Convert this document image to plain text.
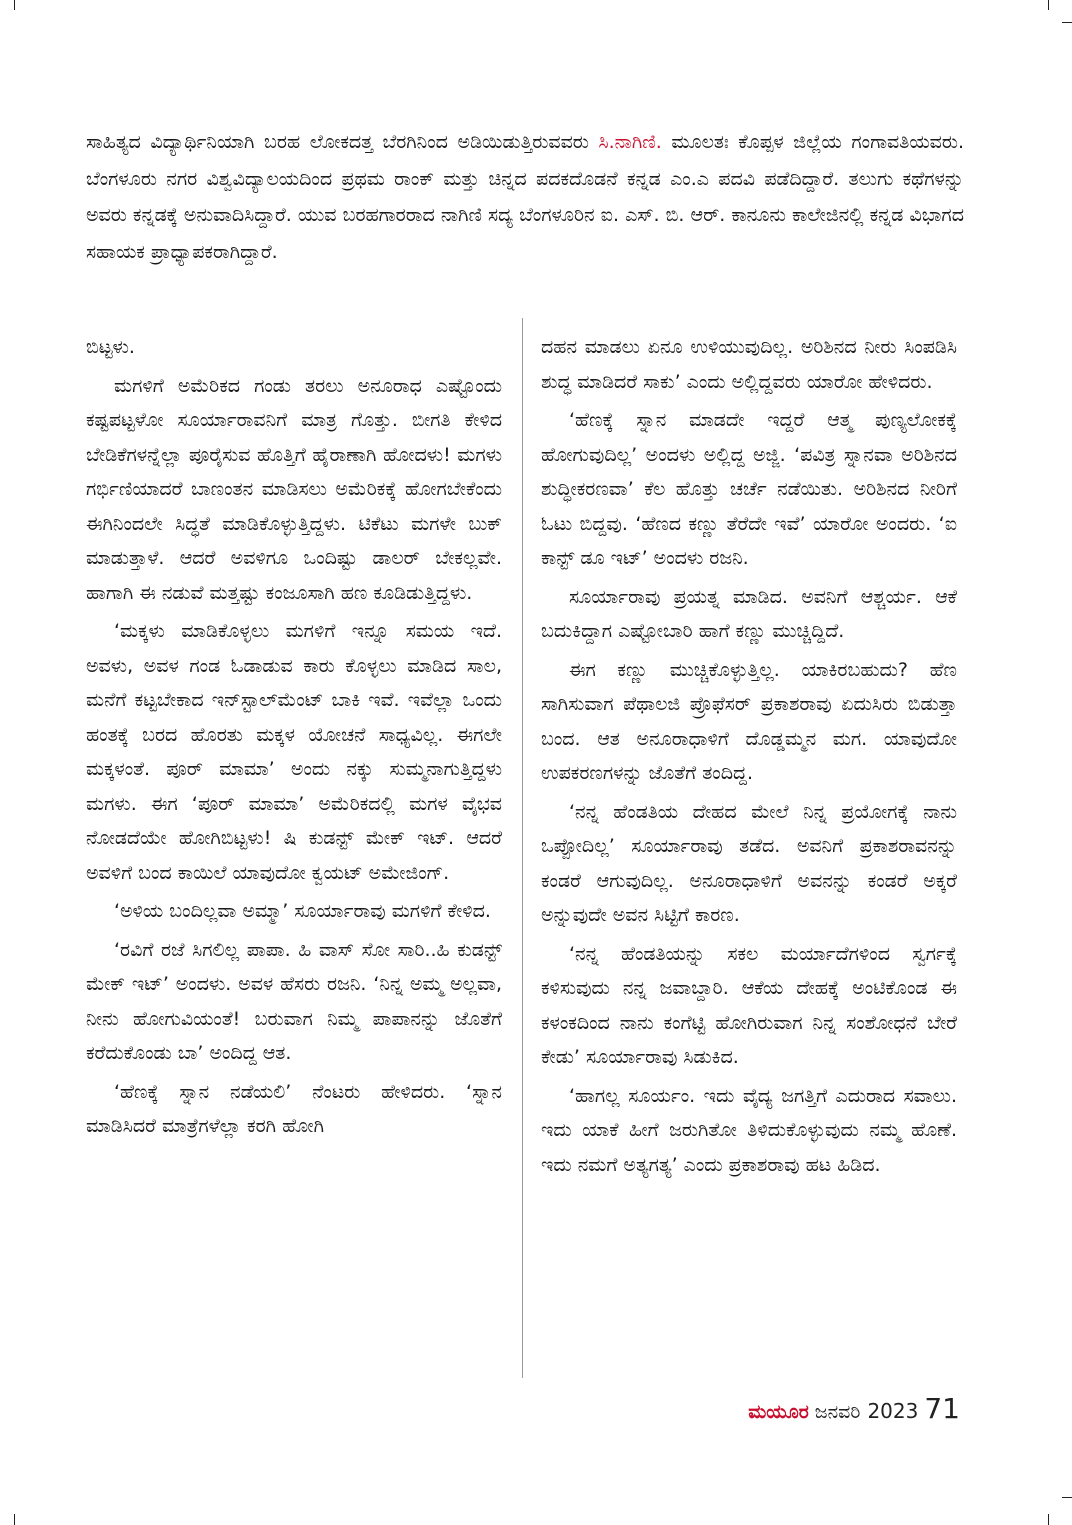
ಸಾಹಿತ್ಯದ ವಿದ್ಯಾರ್ಥಿನಿಯಾಗಿ ಬರಹ ಲೋಕದತ್ತ ಬೆರಗಿನಿಂದ ಅಡಿಯಿಡುತ್ತಿರುವವರು ಸಿ.ನಾಗಿಣಿ. ಮೂಲತಃ ಕೊಪ್ಪಳ ಜಿಲ್ಲೆಯ ಗಂಗಾವತಿಯವರು. ಬೆಂಗಳೂರು ನಗರ ವಿಶ್ವವಿದ್ಯಾಲಯದಿಂದ ಪ್ರಥಮ ರಾಂಕ್ ಮತ್ತು ಚಿನ್ನದ ಪದಕದೊಡನೆ ಕನ್ನಡ ಎಂ.ಎ ಪದವಿ ಪಡೆದಿದ್ದಾರೆ. ತಲುಗು ಕಥೆಗಳನ್ನು ಅವರು ಕನ್ನಡಕ್ಕೆ ಅನುವಾದಿಸಿದ್ದಾರೆ. ಯುವ ಬರಹಗಾರರಾದ ನಾಗಿಣಿ ಸದ್ಯ ಬೆಂಗಳೂರಿನ ಐ. ಎಸ್. ಬಿ. ಆರ್. ಕಾನೂನು ಕಾಲೇಜಿನಲ್ಲಿ ಕನ್ನಡ ವಿಭಾಗದ ಸಹಾಯಕ ಪ್ರಾಧ್ಯಾಪಕರಾಗಿದ್ದಾರೆ.

ಬಿಟ್ಟಳು.

ಮಗಳಿಗೆ ಅಮೆರಿಕದ ಗಂಡು ತರಲು ಅನೂರಾಧ ಎಷ್ಟೊಂದು ಕಷ್ಟಪಟ್ಟಳೋ ಸೂರ್ಯಾರಾವನಿಗೆ ಮಾತ್ರ ಗೊತ್ತು. ಬೀಗತಿ ಕೇಳಿದ ಬೇಡಿಕೆಗಳನ್ನೆಲ್ಲಾ ಪೂರೈಸುವ ಹೊತ್ತಿಗೆ ಹೈರಾಣಾಗಿ ಹೋದಳು! ಮಗಳು ಗರ್ಭಿಣಿಯಾದರೆ ಬಾಣಂತನ ಮಾಡಿಸಲು ಅಮೆರಿಕಕ್ಕೆ ಹೋಗಬೇಕೆಂದು ಈಗಿನಿಂದಲೇ ಸಿದ್ಧತೆ ಮಾಡಿಕೊಳ್ಳುತ್ತಿದ್ದಳು. ಟಿಕೆಟು ಮಗಳೇ ಬುಕ್ ಮಾಡುತ್ತಾಳೆ. ಆದರೆ ಅವಳಿಗೂ ಒಂದಿಷ್ಟು ಡಾಲರ್ ಬೇಕಲ್ಲವೇ. ಹಾಗಾಗಿ ಈ ನಡುವೆ ಮತ್ತಷ್ಟು ಕಂಜೂಸಾಗಿ ಹಣ ಕೂಡಿಡುತ್ತಿದ್ದಳು.

‘ಮಕ್ಕಳು ಮಾಡಿಕೊಳ್ಳಲು ಮಗಳಿಗೆ ಇನ್ನೂ ಸಮಯ ಇದೆ. ಅವಳು, ಅವಳ ಗಂಡ ಓಡಾಡುವ ಕಾರು ಕೊಳ್ಳಲು ಮಾಡಿದ ಸಾಲ, ಮನೆಗೆ ಕಟ್ಟಬೇಕಾದ ಇನ್‌ಸ್ಟಾಲ್‌ಮೆಂಟ್ ಬಾಕಿ ಇವೆ. ಇವೆಲ್ಲಾ ಒಂದು ಹಂತಕ್ಕೆ ಬರದ ಹೊರತು ಮಕ್ಕಳ ಯೋಚನೆ ಸಾಧ್ಯವಿಲ್ಲ. ಈಗಲೇ ಮಕ್ಕಳಂತೆ. ಪೂರ್ ಮಾಮಾ’ ಅಂದು ನಕ್ಕು ಸುಮ್ಮನಾಗುತ್ತಿದ್ದಳು ಮಗಳು. ಈಗ ‘ಪೂರ್ ಮಾಮಾ’ ಅಮೆರಿಕದಲ್ಲಿ ಮಗಳ ವೈಭವ ನೋಡದೆಯೇ ಹೋಗಿಬಿಟ್ಟಳು! ಷಿ ಕುಡನ್ಟ್ ಮೇಕ್ ಇಟ್. ಆದರೆ ಅವಳಿಗೆ ಬಂದ ಕಾಯಿಲೆ ಯಾವುದೋ ಕ್ವಯಟ್ ಅಮೇಜಿಂಗ್.

‘ಅಳಿಯ ಬಂದಿಲ್ಲವಾ ಅಮ್ಮಾ’ ಸೂರ್ಯಾರಾವು ಮಗಳಿಗೆ ಕೇಳಿದ.

‘ರವಿಗೆ ರಜೆ ಸಿಗಲಿಲ್ಲ ಪಾಪಾ. ಹಿ ವಾಸ್ ಸೋ ಸಾರಿ..ಹಿ ಕುಡನ್ಟ್ ಮೇಕ್ ಇಟ್’ ಅಂದಳು. ಅವಳ ಹೆಸರು ರಜನಿ. ‘ನಿನ್ನ ಅಮ್ಮ ಅಲ್ಲವಾ, ನೀನು ಹೋಗುವಿಯಂತೆ! ಬರುವಾಗ ನಿಮ್ಮ ಪಾಪಾನನ್ನು ಜೊತೆಗೆ ಕರೆದುಕೊಂಡು ಬಾ’ ಅಂದಿದ್ದ ಆತ.

‘ಹೆಣಕ್ಕೆ ಸ್ನಾನ ನಡೆಯಲಿ’ ನೆಂಟರು ಹೇಳಿದರು. ‘ಸ್ನಾನ ಮಾಡಿಸಿದರೆ ಮಾತ್ರೆಗಳೆಲ್ಲಾ ಕರಗಿ ಹೋಗಿ

ದಹನ ಮಾಡಲು ಏನೂ ಉಳಿಯುವುದಿಲ್ಲ. ಅರಿಶಿನದ ನೀರು ಸಿಂಪಡಿಸಿ ಶುದ್ಧ ಮಾಡಿದರೆ ಸಾಕು’ ಎಂದು ಅಲ್ಲಿದ್ದವರು ಯಾರೋ ಹೇಳಿದರು.

‘ಹೆಣಕ್ಕೆ ಸ್ನಾನ ಮಾಡದೇ ಇದ್ದರೆ ಆತ್ಮ ಪುಣ್ಯಲೋಕಕ್ಕೆ ಹೋಗುವುದಿಲ್ಲ’ ಅಂದಳು ಅಲ್ಲಿದ್ದ ಅಜ್ಜಿ. ‘ಪವಿತ್ರ ಸ್ನಾನವಾ ಅರಿಶಿನದ ಶುದ್ಧೀಕರಣವಾ’ ಕೆಲ ಹೊತ್ತು ಚರ್ಚೆ ನಡೆಯಿತು. ಅರಿಶಿನದ ನೀರಿಗೆ ಓಟು ಬಿದ್ದವು. ‘ಹೆಣದ ಕಣ್ಣು ತೆರೆದೇ ಇವೆ’ ಯಾರೋ ಅಂದರು. ‘ಐ ಕಾನ್ಟ್ ಡೂ ಇಟ್’ ಅಂದಳು ರಜನಿ.

ಸೂರ್ಯಾರಾವು ಪ್ರಯತ್ನ ಮಾಡಿದ. ಅವನಿಗೆ ಆಶ್ಚರ್ಯ. ಆಕೆ ಬದುಕಿದ್ದಾಗ ಎಷ್ಟೋಬಾರಿ ಹಾಗೆ ಕಣ್ಣು ಮುಚ್ಚಿದ್ದಿದೆ.

ಈಗ ಕಣ್ಣು ಮುಚ್ಚಿಕೊಳ್ಳುತ್ತಿಲ್ಲ. ಯಾಕಿರಬಹುದು? ಹೆಣ ಸಾಗಿಸುವಾಗ ಪೆಥಾಲಜಿ ಪ್ರೊಫೆಸರ್ ಪ್ರಕಾಶರಾವು ಏದುಸಿರು ಬಿಡುತ್ತಾ ಬಂದ. ಆತ ಅನೂರಾಧಾಳಿಗೆ ದೊಡ್ಡಮ್ಮನ ಮಗ. ಯಾವುದೋ ಉಪಕರಣಗಳನ್ನು ಜೊತೆಗೆ ತಂದಿದ್ದ.

‘ನನ್ನ ಹೆಂಡತಿಯ ದೇಹದ ಮೇಲೆ ನಿನ್ನ ಪ್ರಯೋಗಕ್ಕೆ ನಾನು ಒಪ್ಪೋದಿಲ್ಲ’ ಸೂರ್ಯಾರಾವು ತಡೆದ. ಅವನಿಗೆ ಪ್ರಕಾಶರಾವನನ್ನು ಕಂಡರೆ ಆಗುವುದಿಲ್ಲ. ಅನೂರಾಧಾಳಿಗೆ ಅವನನ್ನು ಕಂಡರೆ ಅಕ್ಕರೆ ಅನ್ನುವುದೇ ಅವನ ಸಿಟ್ಟಿಗೆ ಕಾರಣ.

‘ನನ್ನ ಹೆಂಡತಿಯನ್ನು ಸಕಲ ಮರ್ಯಾದೆಗಳಿಂದ ಸ್ವರ್ಗಕ್ಕೆ ಕಳಿಸುವುದು ನನ್ನ ಜವಾಬ್ದಾರಿ. ಆಕೆಯ ದೇಹಕ್ಕೆ ಅಂಟಿಕೊಂಡ ಈ ಕಳಂಕದಿಂದ ನಾನು ಕಂಗೆಟ್ಟಿ ಹೋಗಿರುವಾಗ ನಿನ್ನ ಸಂಶೋಧನೆ ಬೇರೆ ಕೇಡು’ ಸೂರ್ಯಾರಾವು ಸಿಡುಕಿದ.

‘ಹಾಗಲ್ಲ ಸೂರ್ಯಂ. ಇದು ವೈದ್ಯ ಜಗತ್ತಿಗೆ ಎದುರಾದ ಸವಾಲು. ಇದು ಯಾಕೆ ಹೀಗೆ ಜರುಗಿತೋ ತಿಳಿದುಕೊಳ್ಳುವುದು ನಮ್ಮ ಹೊಣೆ. ಇದು ನಮಗೆ ಅತ್ಯಗತ್ಯ’ ಎಂದು ಪ್ರಕಾಶರಾವು ಹಟ ಹಿಡಿದ.

ಮಯೂರ ಜನವರಿ 2023 71
